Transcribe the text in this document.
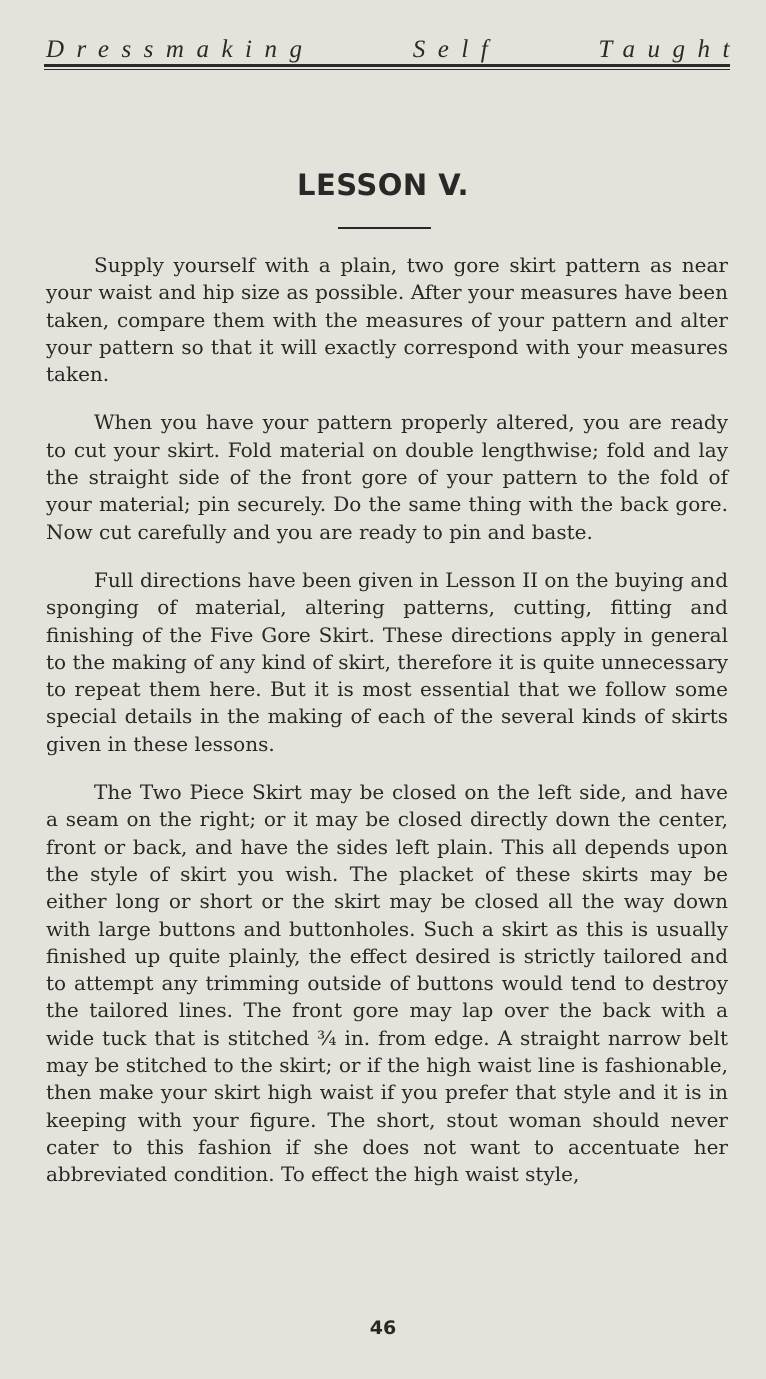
Dressmaking	Self	Taught
LESSON V.

Supply yourself with a plain, two gore skirt pattern as near your waist and hip size as possible. After your measures have been taken, compare them with the measures of your pattern and alter your pattern so that it will exactly correspond with your measures taken.

When you have your pattern properly altered, you are ready to cut your skirt. Fold material on double lengthwise; fold and lay the straight side of the front gore of your pattern to the fold of your material; pin securely. Do the same thing with the back gore. Now cut carefully and you are ready to pin and baste.

Full directions have been given in Lesson II on the buying and sponging of material, altering patterns, cutting, fitting and finishing of the Five Gore Skirt. These directions apply in general to the making of any kind of skirt, therefore it is quite unnecessary to repeat them here. But it is most essential that we follow some special details in the making of each of the several kinds of skirts given in these lessons.

The Two Piece Skirt may be closed on the left side, and have a seam on the right; or it may be closed directly down the center, front or back, and have the sides left plain. This all depends upon the style of skirt you wish. The placket of these skirts may be either long or short or the skirt may be closed all the way down with large buttons and buttonholes. Such a skirt as this is usually finished up quite plainly, the effect desired is strictly tailored and to attempt any trimming outside of buttons would tend to destroy the tailored lines. The front gore may lap over the back with a wide tuck that is stitched ¾ in. from edge. A straight narrow belt may be stitched to the skirt; or if the high waist line is fashionable, then make your skirt high waist if you prefer that style and it is in keeping with your figure. The short, stout woman should never cater to this fashion if she does not want to accentuate her abbreviated condition. To effect the high waist style,

46
